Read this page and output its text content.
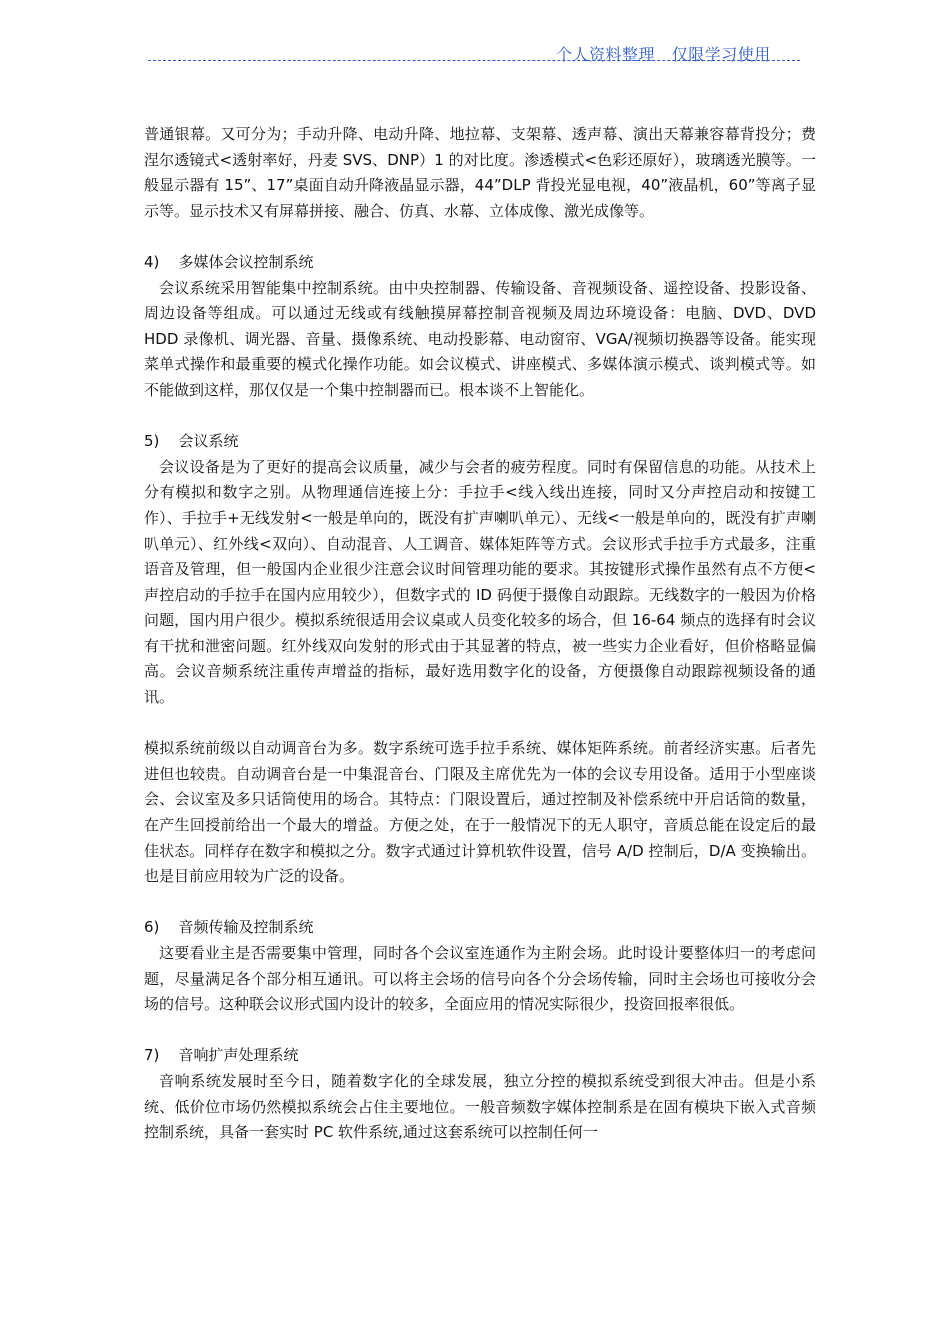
个人资料整理   仅限学习使用

普通银幕。又可分为；手动升降、电动升降、地拉幕、支架幕、透声幕、演出天幕兼容幕背投分；费涅尔透镜式<透射率好，丹麦 SVS、DNP）1 的对比度。渗透模式<色彩还原好），玻璃透光膜等。一般显示器有 15”、17”桌面自动升降液晶显示器，44”DLP 背投光显电视，40”液晶机，60”等离子显示等。显示技术又有屏幕拼接、融合、仿真、水幕、立体成像、激光成像等。

4)    多媒体会议控制系统

会议系统采用智能集中控制系统。由中央控制器、传输设备、音视频设备、遥控设备、投影设备、周边设备等组成。可以通过无线或有线触摸屏幕控制音视频及周边环境设备：电脑、DVD、DVD HDD 录像机、调光器、音量、摄像系统、电动投影幕、电动窗帘、VGA/视频切换器等设备。能实现菜单式操作和最重要的模式化操作功能。如会议模式、讲座模式、多媒体演示模式、谈判模式等。如不能做到这样，那仅仅是一个集中控制器而已。根本谈不上智能化。

5)    会议系统

会议设备是为了更好的提高会议质量，减少与会者的疲劳程度。同时有保留信息的功能。从技术上分有模拟和数字之别。从物理通信连接上分：手拉手<线入线出连接，同时又分声控启动和按键工作）、手拉手+无线发射<一般是单向的，既没有扩声喇叭单元）、无线<一般是单向的，既没有扩声喇叭单元）、红外线<双向）、自动混音、人工调音、媒体矩阵等方式。会议形式手拉手方式最多，注重语音及管理，但一般国内企业很少注意会议时间管理功能的要求。其按键形式操作虽然有点不方便<声控启动的手拉手在国内应用较少），但数字式的 ID 码便于摄像自动跟踪。无线数字的一般因为价格问题，国内用户很少。模拟系统很适用会议桌或人员变化较多的场合，但 16-64 频点的选择有时会议有干扰和泄密问题。红外线双向发射的形式由于其显著的特点，被一些实力企业看好，但价格略显偏高。会议音频系统注重传声增益的指标，最好选用数字化的设备，方便摄像自动跟踪视频设备的通讯。

模拟系统前级以自动调音台为多。数字系统可选手拉手系统、媒体矩阵系统。前者经济实惠。后者先进但也较贵。自动调音台是一中集混音台、门限及主席优先为一体的会议专用设备。适用于小型座谈会、会议室及多只话筒使用的场合。其特点：门限设置后，通过控制及补偿系统中开启话筒的数量，在产生回授前给出一个最大的增益。方便之处，在于一般情况下的无人职守，音质总能在设定后的最佳状态。同样存在数字和模拟之分。数字式通过计算机软件设置，信号 A/D 控制后，D/A 变换输出。也是目前应用较为广泛的设备。

6)    音频传输及控制系统

这要看业主是否需要集中管理，同时各个会议室连通作为主附会场。此时设计要整体归一的考虑问题，尽量满足各个部分相互通讯。可以将主会场的信号向各个分会场传输，同时主会场也可接收分会场的信号。这种联会议形式国内设计的较多，全面应用的情况实际很少，投资回报率很低。

7)    音响扩声处理系统

音响系统发展时至今日，随着数字化的全球发展，独立分控的模拟系统受到很大冲击。但是小系统、低价位市场仍然模拟系统会占住主要地位。一般音频数字媒体控制系是在固有模块下嵌入式音频控制系统，具备一套实时 PC 软件系统,通过这套系统可以控制任何一
